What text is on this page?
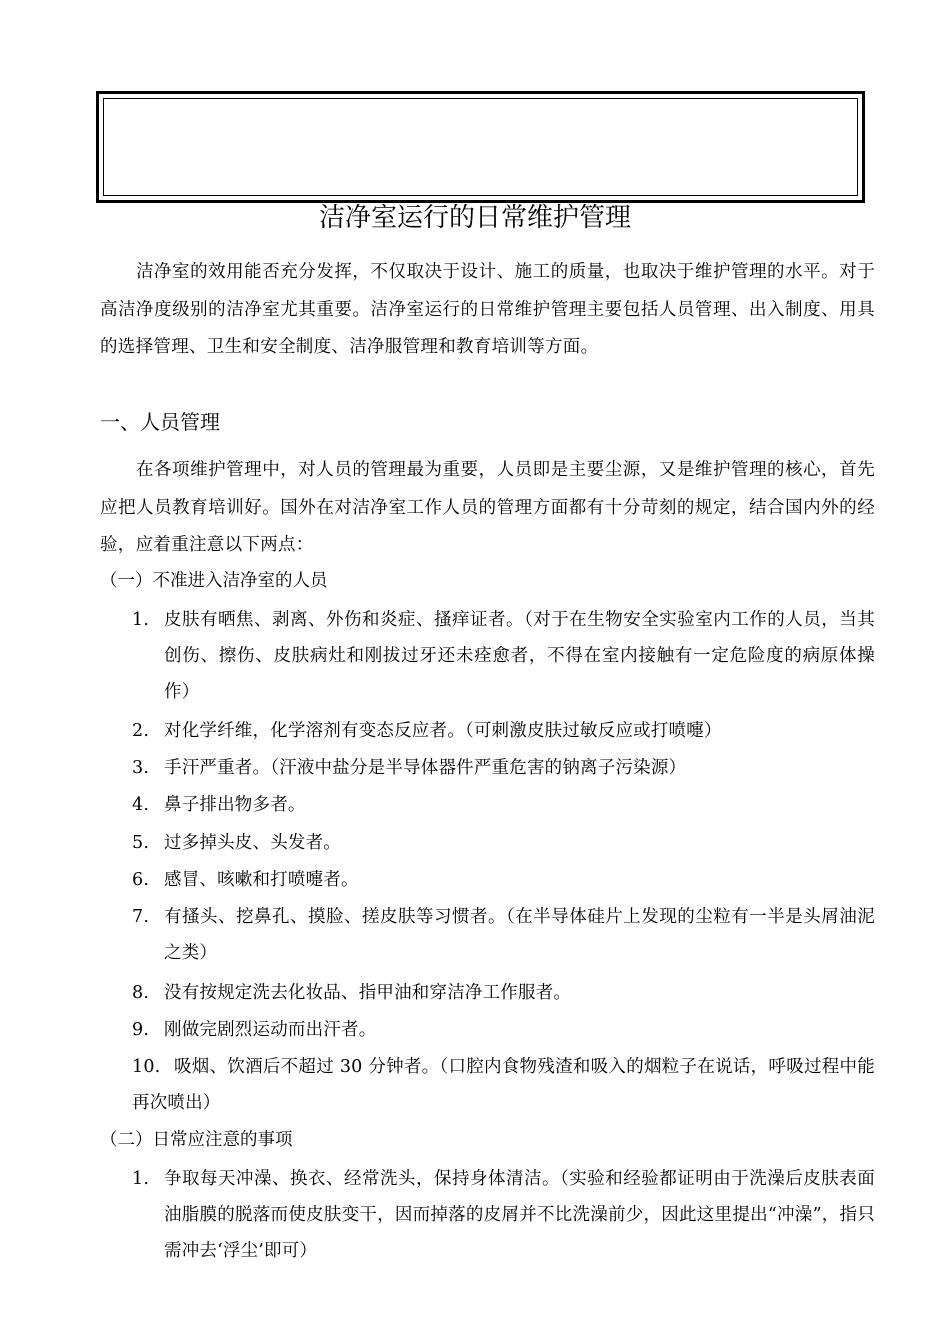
洁净室运行的日常维护管理

洁净室的效用能否充分发挥，不仅取决于设计、施工的质量，也取决于维护管理的水平。对于高洁净度级别的洁净室尤其重要。洁净室运行的日常维护管理主要包括人员管理、出入制度、用具的选择管理、卫生和安全制度、洁净服管理和教育培训等方面。

一、人员管理

在各项维护管理中，对人员的管理最为重要，人员即是主要尘源，又是维护管理的核心，首先应把人员教育培训好。国外在对洁净室工作人员的管理方面都有十分苛刻的规定，结合国内外的经验，应着重注意以下两点：

（一）不准进入洁净室的人员
1. 皮肤有晒焦、剥离、外伤和炎症、搔痒证者。（对于在生物安全实验室内工作的人员，当其创伤、擦伤、皮肤病灶和刚拔过牙还未痊愈者，不得在室内接触有一定危险度的病原体操作）
2. 对化学纤维，化学溶剂有变态反应者。（可刺激皮肤过敏反应或打喷嚏）
3. 手汗严重者。（汗液中盐分是半导体器件严重危害的钠离子污染源）
4. 鼻子排出物多者。
5. 过多掉头皮、头发者。
6. 感冒、咳嗽和打喷嚏者。
7. 有搔头、挖鼻孔、摸脸、搓皮肤等习惯者。（在半导体硅片上发现的尘粒有一半是头屑油泥之类）
8. 没有按规定洗去化妆品、指甲油和穿洁净工作服者。
9. 刚做完剧烈运动而出汗者。
10. 吸烟、饮酒后不超过 30 分钟者。（口腔内食物残渣和吸入的烟粒子在说话，呼吸过程中能再次喷出）
（二）日常应注意的事项
1. 争取每天冲澡、换衣、经常洗头，保持身体清洁。（实验和经验都证明由于洗澡后皮肤表面油脂膜的脱落而使皮肤变干，因而掉落的皮屑并不比洗澡前少，因此这里提出“冲澡”，指只需冲去‘浮尘’即可）
